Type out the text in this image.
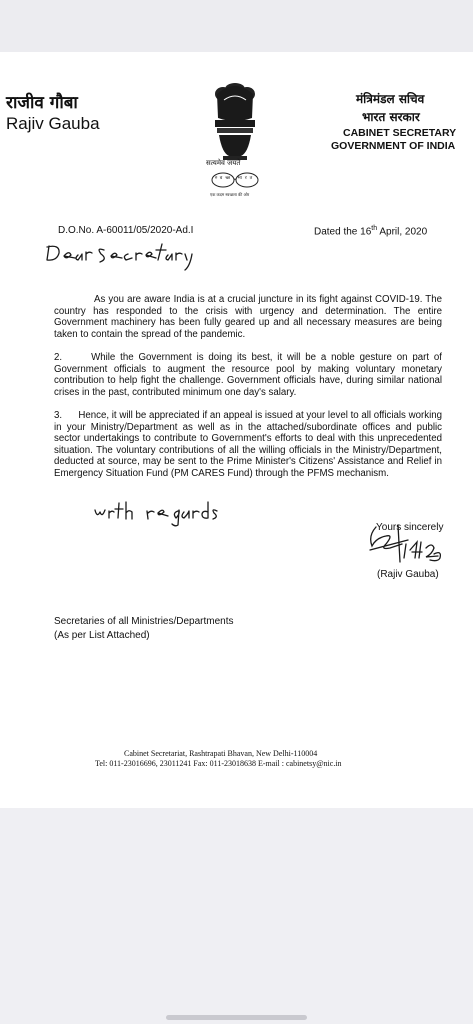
राजीव गौबा
Rajiv Gauba
सत्यमेव जयते
स्वच्छ भारत
एक कदम स्वच्छता की ओर
मंत्रिमंडल सचिव
भारत सरकार
CABINET SECRETARY
GOVERNMENT OF INDIA
D.O.No. A-60011/05/2020-Ad.I	Dated the 16th April, 2020
As you are aware India is at a crucial juncture in its fight against COVID-19. The country has responded to the crisis with urgency and determination. The entire Government machinery has been fully geared up and all necessary measures are being taken to contain the spread of the pandemic.
2.      While the Government is doing its best, it will be a noble gesture on part of Government officials to augment the resource pool by making voluntary monetary contribution to help fight the challenge. Government officials have, during similar national crises in the past, contributed minimum one day's salary.
3.      Hence, it will be appreciated if an appeal is issued at your level to all officials working in your Ministry/Department as well as in the attached/subordinate offices and public sector undertakings to contribute to Government's efforts to deal with this unprecedented situation. The voluntary contributions of all the willing officials in the Ministry/Department, deducted at source, may be sent to the Prime Minister's Citizens' Assistance and Relief in Emergency Situation Fund (PM CARES Fund) through the PFMS mechanism.
Yours sincerely
(Rajiv Gauba)
Secretaries of all Ministries/Departments
(As per List Attached)
Cabinet Secretariat, Rashtrapati Bhavan, New Delhi-110004
Tel: 011-23016696, 23011241 Fax: 011-23018638 E-mail : cabinetsy@nic.in
